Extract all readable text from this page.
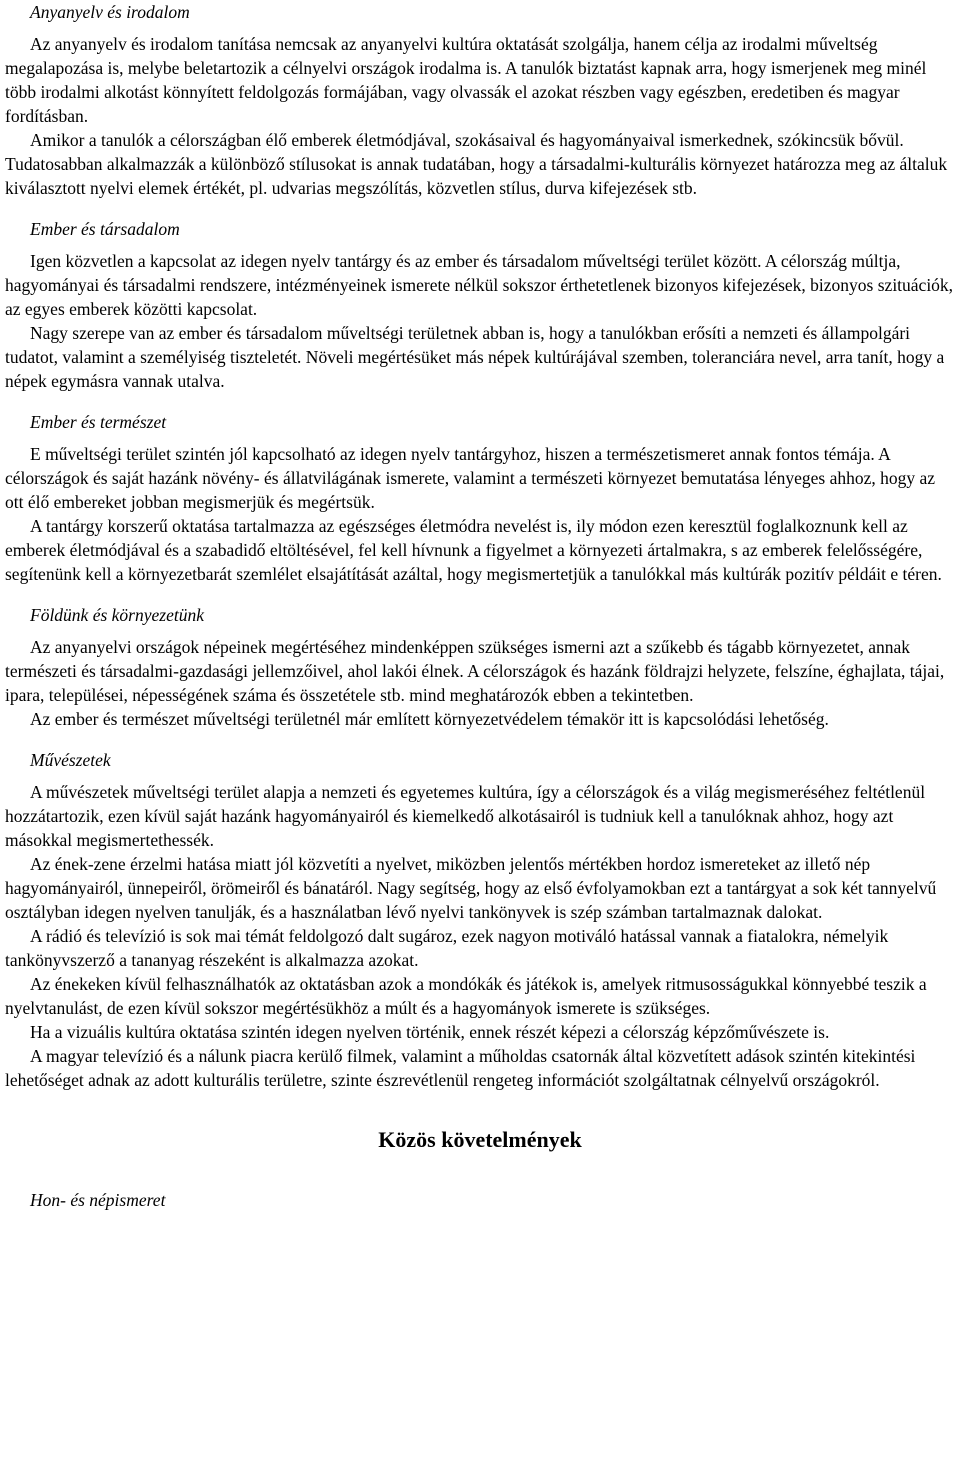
Anyanyelv és irodalom

Az anyanyelv és irodalom tanítása nemcsak az anyanyelvi kultúra oktatását szolgálja, hanem célja az irodalmi műveltség megalapozása is, melybe beletartozik a célnyelvi országok irodalma is. A tanulók biztatást kapnak arra, hogy ismerjenek meg minél több irodalmi alkotást könnyített feldolgozás formájában, vagy olvassák el azokat részben vagy egészben, eredetiben és magyar fordításban.

Amikor a tanulók a célországban élő emberek életmódjával, szokásaival és hagyományaival ismerkednek, szókincsük bővül. Tudatosabban alkalmazzák a különböző stílusokat is annak tudatában, hogy a társadalmi-kulturális környezet határozza meg az általuk kiválasztott nyelvi elemek értékét, pl. udvarias megszólítás, közvetlen stílus, durva kifejezések stb.

Ember és társadalom

Igen közvetlen a kapcsolat az idegen nyelv tantárgy és az ember és társadalom műveltségi terület között. A célország múltja, hagyományai és társadalmi rendszere, intézményeinek ismerete nélkül sokszor érthetetlenek bizonyos kifejezések, bizonyos szituációk, az egyes emberek közötti kapcsolat.

Nagy szerepe van az ember és társadalom műveltségi területnek abban is, hogy a tanulókban erősíti a nemzeti és állampolgári tudatot, valamint a személyiség tiszteletét. Növeli megértésüket más népek kultúrájával szemben, toleranciára nevel, arra tanít, hogy a népek egymásra vannak utalva.

Ember és természet

E műveltségi terület szintén jól kapcsolható az idegen nyelv tantárgyhoz, hiszen a természetismeret annak fontos témája. A célországok és saját hazánk növény- és állatvilágának ismerete, valamint a természeti környezet bemutatása lényeges ahhoz, hogy az ott élő embereket jobban megismerjük és megértsük.

A tantárgy korszerű oktatása tartalmazza az egészséges életmódra nevelést is, ily módon ezen keresztül foglalkoznunk kell az emberek életmódjával és a szabadidő eltöltésével, fel kell hívnunk a figyelmet a környezeti ártalmakra, s az emberek felelősségére, segítenünk kell a környezetbarát szemlélet elsajátítását azáltal, hogy megismertetjük a tanulókkal más kultúrák pozitív példáit e téren.

Földünk és környezetünk

Az anyanyelvi országok népeinek megértéséhez mindenképpen szükséges ismerni azt a szűkebb és tágabb környezetet, annak természeti és társadalmi-gazdasági jellemzőivel, ahol lakói élnek. A célországok és hazánk földrajzi helyzete, felszíne, éghajlata, tájai, ipara, települései, népességének száma és összetétele stb. mind meghatározók ebben a tekintetben.

Az ember és természet műveltségi területnél már említett környezetvédelem témakör itt is kapcsolódási lehetőség.

Művészetek

A művészetek műveltségi terület alapja a nemzeti és egyetemes kultúra, így a célországok és a világ megismeréséhez feltétlenül hozzátartozik, ezen kívül saját hazánk hagyományairól és kiemelkedő alkotásairól is tudniuk kell a tanulóknak ahhoz, hogy azt másokkal megismertethessék.

Az ének-zene érzelmi hatása miatt jól közvetíti a nyelvet, miközben jelentős mértékben hordoz ismereteket az illető nép hagyományairól, ünnepeiről, örömeiről és bánatáról. Nagy segítség, hogy az első évfolyamokban ezt a tantárgyat a sok két tannyelvű osztályban idegen nyelven tanulják, és a használatban lévő nyelvi tankönyvek is szép számban tartalmaznak dalokat.

A rádió és televízió is sok mai témát feldolgozó dalt sugároz, ezek nagyon motiváló hatással vannak a fiatalokra, némelyik tankönyvszerző a tananyag részeként is alkalmazza azokat.

Az énekeken kívül felhasználhatók az oktatásban azok a mondókák és játékok is, amelyek ritmusosságukkal könnyebbé teszik a nyelvtanulást, de ezen kívül sokszor megértésükhöz a múlt és a hagyományok ismerete is szükséges.

Ha a vizuális kultúra oktatása szintén idegen nyelven történik, ennek részét képezi a célország képzőművészete is.

A magyar televízió és a nálunk piacra kerülő filmek, valamint a műholdas csatornák által közvetített adások szintén kitekintési lehetőséget adnak az adott kulturális területre, szinte észrevétlenül rengeteg információt szolgáltatnak célnyelvű országokról.

Közös követelmények
Hon- és népismeret
